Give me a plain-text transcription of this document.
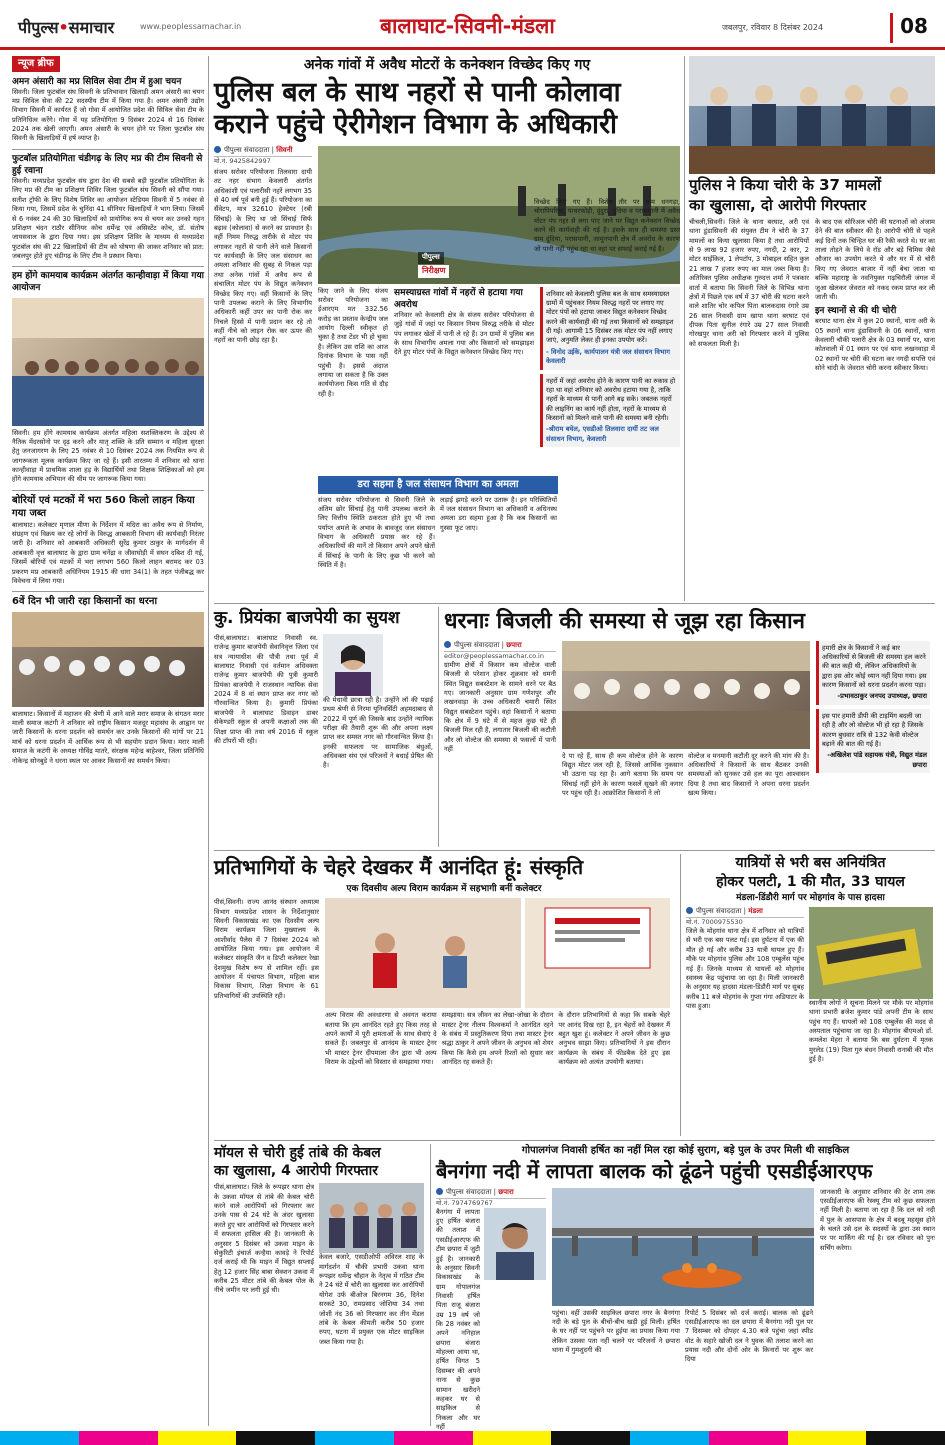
पीपुल्स•समाचार	www.peoplessamachar.in	बालाघाट-सिवनी-मंडला	जबलपुर, रविवार 8 दिसंबर 2024	08
न्यूज ब्रीफ
अमन अंसारी का मप्र सिविल सेवा टीम में हुआ चयन
सिवनी। जिला फुटबॉल संघ सिवनी के प्रतिभावान खिलाड़ी अमन अंसारी का चयन मप्र सिविल सेवा की 22 सदस्यीय टीम में किया गया है। अमन अंसारी उद्योग विभाग सिवनी में कार्यरत हैं जो गोवा में आयोजित प्रदेश की सिविल सेवा टीम के प्रतिनिधित्व करेंगे। गोवा में यह प्रतियोगिता 9 दिसंबर 2024 से 16 दिसंबर 2024 तक खेली जाएगी। अमन अंसारी के चयन होने पर जिला फुटबॉल संघ सिवनी के खिलाड़ियों में हर्ष व्याप्त है।
फुटबॉल प्रतियोगिता चंडीगढ़ के लिए मप्र की टीम सिवनी से हुई रवाना
सिवनी। मध्यप्रदेश फुटबॉल संघ द्वारा देश की सबसे बड़ी फुटबॉल प्रतियोगिता के लिए मप्र की टीम का प्रशिक्षण शिविर जिला फुटबॉल संघ सिवनी को सौंपा गया। सतीश ट्रॉफी के लिए विशेष शिविर का आयोजन स्टेडियम सिवनी में 5 नवंबर से किया गया, जिसमें प्रदेश के चुनिंदा 41 सीनियर खिलाड़ियों ने भाग लिया। जिसमें से 6 नवंबर 24 की 30 खिलाड़ियों को प्रायोगिक रूप से चयन कर उनको गहन प्रशिक्षण चंदन राठौर सीनियर कोच धर्मेन्द्र एवं असिस्टेंट कोच, डॉ. संतोष जायसवाल के द्वारा दिया गया। इस प्रशिक्षण शिविर के माध्यम से मध्यप्रदेश फुटबॉल संघ की 22 खिलाड़ियों की टीम को घोषणा की जाकर शनिवार को प्रात: जबलपुर होते हुए चंडीगढ़ के लिए टीम ने प्रस्थान किया।
हम होंगे कामयाब कार्यक्रम अंतर्गत कान्हीवाड़ा में किया गया आयोजन
सिवनी। हम होंगे कामयाब कार्यक्रम अंतर्गत महिला सशक्तिकरण के उद्देश्य से नैतिक मेंदरसोनो पर दृढ़ करने और मातृ शक्ति के प्रति सम्मान व महिला सुरक्षा हेतु जनजागरण के लिए 25 नवंबर से 10 दिसंबर 2024 तक नियमित रूप से जागरूकता मूलक कार्यक्रम किए जा रहे हैं। इसी तारतम्य में शनिवार को थाना कान्हीवाड़ा में प्राथमिक शाला हड़ के विद्यार्थियों तथा शिक्षक शिक्षिकाओं को हम होंगे कामयाब अभियान की थीम पर जागरूक किया गया।
बोरियों एवं मटकों में भरा 560 किलो लाहन किया गया जब्त
बालाघाट। कलेक्टर मृणाल मीणा के निर्देशन में मदिरा का अवैध रूप से निर्माण, संग्रहण एवं विक्रय कर रहे लोगों के विरुद्ध आबकारी विभाग की कार्यवाही निरंतर जारी है। शनिवार को आबकारी अधिकारी सुरेंद्र कुमार ठाकुर के मार्गदर्शन में आबकारी वृत्त बालाघाट के द्वारा ग्राम चनेंद्रा व जीवाघोड़ी में सघन दबिश दी गई, जिसमें बोरियों एवं मटकों में भरा लगभग 560 किलो लाहन बरामद कर 03 प्रकरण मप्र आबकारी अधिनियम 1915 की धारा 34(1) के तहत पंजीबद्ध कर विवेचना में लिया गया।
6वें दिन भी जारी रहा किसानों का धरना
बालाघाट। किसानों में महाजन की श्रेणी में आने वाले मरार समाज के संगठन मरार माली समाज कटंगी ने शनिवार को राष्ट्रीय किसान मजदूर महासंघ के आह्वान पर जारी किसानों के धरना प्रदर्शन को समर्थन कर उनके किसानों की मांगों पर 21 मार्च को धरना प्रदर्शन में आर्थिक रूप से भी सहयोग प्रदान किया। मरार माली समाज के कटंगी के अध्यक्ष गोविंद्र मातरे, संरक्षक महेन्द्र बाहेश्वर, जिला प्रतिनिधि नोकेन्द्र सोनबुडे ने धरना स्थल पर आकर किसानों का समर्थन किया।
अनेक गांवों में अवैध मोटरों के कनेक्शन विच्छेद किए गए
पुलिस बल के साथ नहरों से पानी कोलावा
कराने पहुंचे ऐरीगेशन विभाग के अधिकारी
पीपुल्स संवाददाता | सिवनी
मो.नं. 9425842997
संजय सरोवर परियोजना तिलवारा दायी तट नहर संभाग केवलारी अंतर्गत अधिकांशी एवं पलारीसी नहरें लगभग 35 से 40 वर्ष पूर्व बनी हुई हैं। परियोजना का सैंवेटप, मात्र 32610 हेक्टेयर (रबी सिंचाई) के लिए था जो सिंचाई सिर्फ बढ़ाव (कोलावा) से करने का प्रावधान है। वहीं निमम निरुद्ध तारीके से मोटर पंप लगाकर नहरों से पानी लेने वाले किसानों पर कार्यवाही के लिए जल संसाधन का अमला शनिवार की सुबह से निकल पड़ा तथा अनेक गांवों में अवैध रूप से संचालित मोटर पंप के विद्युत कनेक्शन विच्छेद किए गए। वहीं किसानों के लिए पानी उपलब्ध कराने के लिए विभागीय अधिकारी कहीं उपर का पानी रोक कर निचले हिस्से में पानी प्रदान कर रहे तो कहीं नीचे को लाइन रोक कर ऊपर की नहरों का पानी छोड़ रहा है।
पीपुल्स
निरीक्षण
किए जाने के लिए संजय सरोवर परियोजना का ईआरएम मत 332.56 करोड़ का प्रस्ताव केन्द्रीय जल आयोग दिल्ली स्वीकृत हो चुका है तथा टेंडर भी हो चुका है। लेकिन उस राशि का आज दिनांक विभाग के पास नहीं पहुंची है। इससे अंदाज लगाया जा सकता है कि उक्त कार्ययोजना किस गति से दौड़ रही है।
समस्याग्रस्त गांवों में नहरों से हटाया गया अवरोध
शनिवार को केवलारी क्षेत्र के संजय सरोवर परियोजना से जुड़े गांवों में जहां पर किसान निमय विरुद्ध तरीके से मोटर पंप लगाकर खेतों में पानी ले रहे हैं। उन ग्रामों में पुलिस बल के साथ विभागीय अमला गया और किसानों को समझाइश देते हुए मोटर पंपों के विद्युत कनेक्शन विच्छेद किए गए।
शनिवार को केवलारी पुलिस बल के साथ समस्याग्रस्त ग्रामों में पहुंचकर नियम विरुद्ध नहरों पर लगाए गए मोटर पंपों को हटाया जाकर विद्युत कनेक्शन विच्छेद करने की कार्यवाही की गई तथा किसानों को समझाइश दी गई। आगामी 15 दिसंबर तक मोटर पंप नहीं लगाए जाएं, अनुमति लेकर ही इनका उपयोग करें।
- विनोद उईके, कार्यपालन यंत्री जल संसाधन विभाग केवलारी
नहरों में जहां अवरोध होने के कारण पानी का रुकाव हो रहा था वहां शनिवार को अवरोध हटाया गया है, ताकि नहरों के माध्यम से पानी आगे बढ़ सके। जबतक नहरों की लाइनिंग का कार्य नहीं होता, नहरों के माध्यम से किसानों को मिलने वाले पानी की समस्या बनी रहेगी।
-श्रीराम बघेल, एसडीओ तिलवारा दायीं तट जल संसाधन विभाग, केवलारी
विच्छेद किए गए हैं। विशेष तौर पर ग्राम धनगड़ा, चोरापिपरिया, पाथरफोड़ी, दुंदुरा, दुंदिया व परासपानी में अवैध मोटर पंप नहर से लगा पाए जाने पर विद्युत कनेक्शन विच्छेद करने की कार्यवाही की गई है। इसके साथ ही समस्या ग्रस्त ग्राम दुंदिया, परासपानी, जामुनपानी क्षेत्र में अवरोध के कारण जो पानी नहीं पहुंच रहा था वहां पर सफाई कराई गई है।
डरा सहमा है जल संसाधन विभाग का अमला
संजय सरोवर परियोजना से सिवनी जिले के अंतिम छोर सिंचाई हेतु पानी उपलब्ध कराने के लिए वित्तीय स्थिति ठकराता होते हुए भी तथा पर्याप्त अमले के अभाव के बावजूद जल संसाधन विभाग के अधिकारी प्रयास कर रहे हैं। अधिकारियों की मानें तो किसान अपने अपने खेतों में सिंचाई के पानी के लिए कुछ भी करने को स्थिति में है।
लड़ाई झगड़े करने पर उतारू है। इन परिस्थितियों में जल संसाधन विभाग का अधिकारी व अधिनस्थ अमला डरा सहमा हुआ है कि कब किसानों का गुस्सा फूट जाए।
पुलिस ने किया चोरी के 37 मामलों
का खुलासा, दो आरोपी गिरफ्तार
चीचली,सिवनी। जिले के थाना बरघाट, अरी एवं थाना डूंडासिवनी की संयुक्त टीम ने चोरी के 37 मामलों का किया खुलासा किया है तथा आरोपियों से 9 लाख 92 हजार रुपए, नगदी, 2 कार, 2 मोटर साईकिल, 1 लेपटॉप, 3 मोबाइल सहित कुल 21 लाख 7 हजार रुपए का माल जब्त किया है। अतिरिक्त पुलिस अधीक्षक गुरुदत्त शर्मा ने पत्रकार वार्ता में बताया कि सिवनी जिले के विभिन्न थाना क्षेत्रों में पिछले एक वर्ष में 37 चोरी की घटना करने वाले शातिर चोर कपिल पिता बालकदास रंगारे उम्र 26 साल निवासी ग्राम खापा थाना बरघाट एवं दीपक पिता सुनील रंगारे उम्र 27 साल निवासी गोरखपुर थाना अरी को गिरफ्तार करने में पुलिस को सफलता मिली है।
के बाद एक सोरिअल चोरी की घटनाओं को अंजाम देने की बात स्वीकार की है। आरोपी चोरी से पहले कई दिनों तक चिन्हित घर की रैकी करते थे। घर का ताला तोड़ने के लिये वे रॉड और बड़े चिमिस जैसे औजार का उपयोग करते थे और घर में से चोरी किए गए जेवरात बाजार में नहीं बेचा जाता था बल्कि महाराष्ट्र के नवनियुक्त गढ़चिरौली जंगल में जुआ खेलकर जेवरात को नकद रकम प्राप्त कर ली जाती थी।
इन स्थानों से की थी चोरी
बरघाट थाना क्षेत्र में कुल 20 स्थानों, थाना अरी के 05 स्थानों थाना डूंडासिवनी के 06 स्थानों, थाना केवलारी चौकी पलारी क्षेत्र के 03 स्थानों पर, थाना कोतवाली में 01 स्थान पर एवं थाना लखनवाड़ा में 02 स्थानों पर चोरी की घटना कर नगदी सपत्ति एवं सोने चांदी के जेवरात चोरी करना स्वीकार किया।
कु. प्रियंका बाजपेयी का सुयश
पीसं,बालाघाट। बालाघाट निवासी स्व. राजेन्द्र कुमार बाजपेयी सेवानिवृत्त जिला एवं सत्र न्यायाधीश की पौत्री तथा पूर्व में बालाघाट निवासी एवं वर्तमान अधिवक्ता राजेन्द्र कुमार बाजपेयी की पुत्री कुमारी प्रियंका बाजपेयी ने राजस्थान न्यायिक सेवा 2024 में 8 वां स्थान प्राप्त कर नगर को गौरवान्वित किया है। कुमारी प्रियंका बाजपेयी ने बालाघाट डिवाइन डाबर सेकेण्डरी स्कूल से अपनी कक्षाओं तक की शिक्षा प्राप्त की तथा वर्ष 2016 में स्कूल की टॉपरों भी रही।
की मेधावी छात्रा रही है। उन्होंने लॉ की पढ़ाई प्रथम श्रेणी से निरमा यूनिवर्सिटी अहमदाबाद से 2022 में पूर्ण की जिसके बाद उन्होंने न्यायिक परीक्षा की तैयारी शुरू की और अपना लक्ष्य प्राप्त कर समस्त नगर को गौरवान्वित किया है। इनकी सफलता पर सामाजिक बंधुओं, अधिवक्ता संघ एवं परिजनों ने बधाई प्रेषित की है।
धरनाः बिजली की समस्या से जूझ रहा किसान
पीपुल्स संवाददाता | छपारा
editor@peoplessamachar.co.in
ग्रामीण क्षेत्रों में किसान कम वोल्टेज वाली बिजली से परेशान होकर शुक्रवार को धमनी स्थित विद्युत सबस्टेशन के सामने धरने पर बैठ गए। जानकारी अनुसार ग्राम गणेशपुर और लखनवाड़ा के उच्च अधिकारी चमारी स्थित विद्युत सबस्टेशन पहुंचे। वहां किसानों ने बताया कि क्षेत्र में 9 घंटे में से महज कुछ घंटे ही बिजली मिल रही है, लगातार बिजली की कटौती और लो वोल्टेज की समस्या से फसलों में पानी नहीं
दे पा रहे हैं, साथ ही कम वोल्टेज होने के कारण विद्युत मोटर जल रही है, जिससे आर्थिक नुकसान भी उठाना पड़ रहा है। आगे बताया कि समय पर सिंचाई नहीं होने के कारण फसलें सूखने की कगार पर पहुंच रही है। आक्रोशित किसानों ने लो
वोल्टेज व मनमानी कटौती दूर करने की मांग की है। अधिकारियों ने किसानों के साथ बैठकर उनकी समस्याओं को सुनकर उसे हल का पूरा आश्वासन दिया है तथा बाद किसानों ने अपना धरना प्रदर्शन खत्म किया।
हमारी क्षेत्र के किसानों ने कई बार अधिकारियों से बिजली की समस्या हल करने की बात कही थी, लेकिन अधिकारियों के द्वारा इस ओर कोई ध्यान नहीं दिया गया। इस कारण किसानों को धरना प्रदर्शन करना पड़ा।
-प्रभावठाकुर जनपद उपाध्यक्ष, छपारा
इस पार हमारी डीपी की टाइमिंग बदली जा रही है और लो वोल्टेज भी हो रहा है जिसके कारण बुधवार रात्रि से 132 केवी वोल्टेज बढ़ाने की बात की गई है।
-अखिलेश पांडे सहायक यंत्री, विद्युत मंडल छपारा
प्रतिभागियों के चेहरे देखकर मैं आनंदित हूं: संस्कृति
एक दिवसीय अल्प विराम कार्यक्रम में सहभागी बनीं कलेक्टर
पीसं,सिवनी। राज्य आनंद संस्थान अध्यात्म विभाग मध्यप्रदेश शासन के निर्देशानुसार सिवनी विकासखंड का एक दिवसीय अल्प विराम कार्यक्रम जिला मुख्यालय के आशीर्वाद पैलेस में 7 दिसंबर 2024 को आयोजित किया गया। इस आयोजन में कलेक्टर संस्कृति जैन व डिप्टी कलेक्टर रेखा देशमुख विशेष रूप से शामिल रहीं। इस आयोजन में पंचायत विभाग, महिला बाल विकास विभाग, शिक्षा विभाग के 61 प्रतिभागियों की उपस्थिति रही।
अल्प विराम की अवधारणा से अवगत कराया बताया कि हम आनंदित रहते हुए किस तरह से अपने कार्यों में पूरी क्षमताओं के साथ सेवाएं दे सकते हैं। जबलपुर से आनंदम के मास्टर ट्रेनर भी मास्टर ट्रेनर दीपमाला जैन द्वारा भी अल्प विराम के उद्देश्यों को विस्तार से समझाया गया।
समझाया। सत्र जीवन का लेखा-जोखा के दौरान मास्टर ट्रेनर नीलम विश्वकर्मा ने आनंदित रहने के संबंध में प्रस्तुतिकरण दिया तथा मास्टर ट्रेनर श्रद्धा ठाकुर ने अपने जीवन के अनुभव को शेयर किया कि कैसे हम अपने रिश्तों को सुधार कर आनंदित रह सकते हैं।
के दौरान प्रतिभागियों से कहा कि सबके चेहरे पर आनंद दिख रहा है, इन चेहरों को देखकर मैं बहुत खुश हूं। कलेक्टर ने अपने जीवन के कुछ अनुभव साझा किए। प्रतिभागियों ने इस दौरान कार्यक्रम के संबंध में फीडबैक देते हुए इस कार्यक्रम को अत्यंत उपयोगी बताया।
यात्रियों से भरी बस अनियंत्रित
होकर पलटी, 1 की मौत, 33 घायल
मंडला-डिंडौरी मार्ग पर मोहगांव के पास हादसा
पीपुल्स संवाददाता | मंडला
मो.नं. 7000975530
जिले के मोहगांव थाना क्षेत्र में शनिवार को यात्रियों से भरी एक बस पलट गई। इस दुर्घटना में एक की मौत हो गई और करीब 33 यात्री घायल हुए हैं। मौके पर मोहगांव पुलिस और 108 एम्बुलेंस पहुंच गई हैं। जिनके माध्यम से घायलों को मोहगांव स्वास्थ्य केंद्र पहुंचाया जा रहा है। मिली जानकारी के अनुसार यह हादसा मंडला-डिंडौरी मार्ग पर सुबह करीब 11 बजे मोहगांव के गुप्ता गंगा अडियाटर के पास हुआ।	स्थानीय लोगों ने सूचना मिलने पर मौके पर मोहगांव थाना प्रभारी ब्रजेश कुमार पांडे अपनी टीम के साथ पहुंच गए हैं। घायलों को 108 एम्बुलेंस की मदद से अस्पताल पहुंचाया जा रहा है। मोहगांव बीएमओ डॉ. कमलेश मेहरा ने बताया कि बस दुर्घटना में मृतक मुरलेड (19) पिता गुरु बंधन निवासी रानाबी की मौत हुई है।
मॉयल से चोरी हुई तांबे की केबल
का खुलासा, 4 आरोपी गिरफ्तार
पीसं,बालाघाट। जिले के रूपझर थाना क्षेत्र के उकवा मॉयल से तांबे की केबल चोरी करने वाले आरोपियों को गिरफ्तार कर उनके पास से 24 घंटे के अंदर खुलासा करते हुए चार आरोपियों को गिरफ्तार करने में सफलता हासिल की है। जानकारी के अनुसार 5 दिसंबर को उकवा माइन के सेकुरिटी इंचार्ज कन्हैया कावड़े ने रिपोर्ट दर्ज कराई थी कि माइन में विद्युत सप्लाई हेतु 12 हजार सिंह बाबा सेक्शन उकवा में करीब 25 मीटर तांबे की केबल पोल के नीचे जमीन पर लगी हुई थी।
केवल बजारे, एसडीओपी अविरल शाह के मार्गदर्शन में चौकी प्रभारी उकवा थाना रूपझर धर्मेन्द्र चौहान के नेतृत्व में गठित टीम ने 24 घंटे में चोरी का खुलासा कर आरोपियों योगेश उर्फ बीओज बिरनगम 36, दिनेश सरकटे 30, रामप्रसाद जोशिया 34 तथा जोशी नंद 36 को गिरफ्तार कर तीन मेंडल तांबे के केबल कीमती करीब 50 हजार रुपए, घटना में प्रयुक्त एक मोटर साइकिल जब्त किया गया है।
गोपालगंज निवासी हर्षित का नहीं मिल रहा कोई सुराग, बड़े पुल के उपर मिली थी साइकिल
बैनगंगा नदी में लापता बालक को ढूंढने पहुंची एसडीईआरएफ
पीपुल्स संवाददाता | छपारा
मो.नं. 7974769767
बैनगंगा में लापता हुए हर्षित बंजारा की तलाश में एसडीईआरएफ की टीम छपारा में जुटी हुई है। जानकारी के अनुसार सिवनी विकासखंड के ग्राम गोपालगंज निवासी हर्षित पिता राजू बंजारा उम्र 19 वर्ष जो कि 28 नवंबर को अपने ननिहाल छपारा बंजारा मोहल्ला आया था, हर्षित विगत 5 दिसम्बर की अपने नाना से कुछ सामान खरीदने कहकर घर से साइकिल से निकला और घर नहीं
पहुंचा। वहीं उसकी साइकिल छपारा नगर के बैनगंगा नदी के बड़े पुल के बीचों-बीच खड़ी हुई मिली। हर्षित के घर नहीं पर पहुंचने पर हुईया का प्रयास किया गया लेकिन उसका पता नहीं चलने पर परिजनों ने छपारा थाना में गुमशुदगी की
रिपोर्ट 5 दिसंबर को दर्ज कराई। बालक को ढूंढने एसडीईआरएफ का दल छपारा में बैनगंगा नदी पुल पर 7 दिसम्बर को दोपहर 4.30 बजे पहुंचा जहां स्पीड वोट के सहारे खोजी दल ने युवक की तलाश करने का प्रयास नदी और दोनों ओर के किनारों पर शुरू कर दिया
जानकारी के अनुसार शनिवार की देर शाम तक एसडीईआरएफ की रेस्क्यू टीम को कुछ सफलता नहीं मिली है। बताया जा रहा है कि दल को नदी में पुल के आसपास के क्षेत्र में बदबू महसूस होने के चलते उसे दल के सदस्यों के द्वारा उस स्थान पर पर मार्किंग की गई है। दल रविवार को पुनः सर्चिंग करेगा।
